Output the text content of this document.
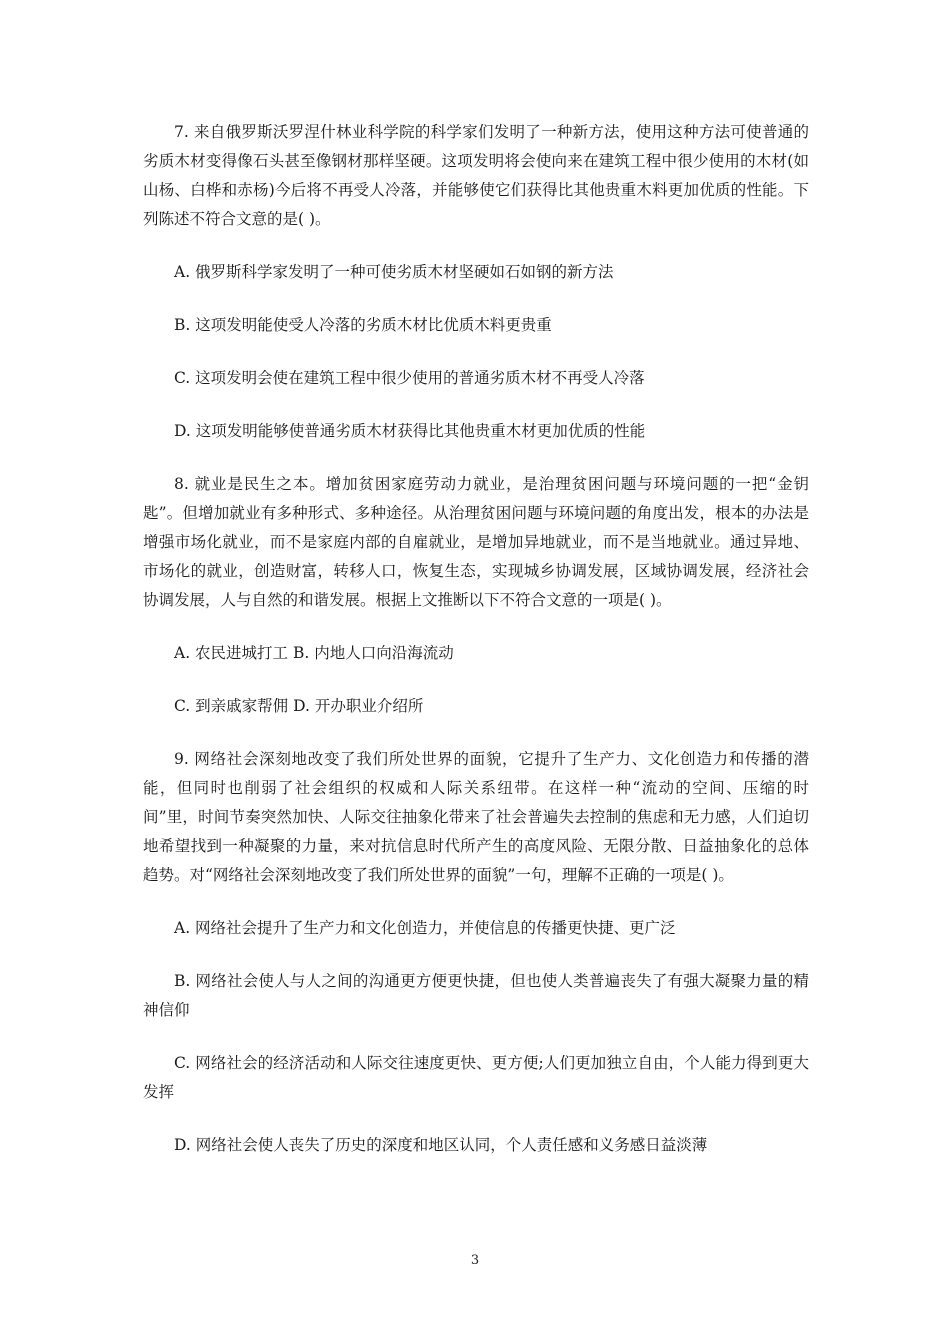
7. 来自俄罗斯沃罗涅什林业科学院的科学家们发明了一种新方法，使用这种方法可使普通的劣质木材变得像石头甚至像钢材那样坚硬。这项发明将会使向来在建筑工程中很少使用的木材(如山杨、白桦和赤杨)今后将不再受人冷落，并能够使它们获得比其他贵重木料更加优质的性能。下列陈述不符合文意的是( )。

A. 俄罗斯科学家发明了一种可使劣质木材坚硬如石如钢的新方法

B. 这项发明能使受人冷落的劣质木材比优质木料更贵重

C. 这项发明会使在建筑工程中很少使用的普通劣质木材不再受人冷落

D. 这项发明能够使普通劣质木材获得比其他贵重木材更加优质的性能

8. 就业是民生之本。增加贫困家庭劳动力就业，是治理贫困问题与环境问题的一把“金钥匙”。但增加就业有多种形式、多种途径。从治理贫困问题与环境问题的角度出发，根本的办法是增强市场化就业，而不是家庭内部的自雇就业，是增加异地就业，而不是当地就业。通过异地、市场化的就业，创造财富，转移人口，恢复生态，实现城乡协调发展，区域协调发展，经济社会协调发展，人与自然的和谐发展。根据上文推断以下不符合文意的一项是( )。

A. 农民进城打工 B. 内地人口向沿海流动

C. 到亲戚家帮佣 D. 开办职业介绍所

9. 网络社会深刻地改变了我们所处世界的面貌，它提升了生产力、文化创造力和传播的潜能，但同时也削弱了社会组织的权威和人际关系纽带。在这样一种“流动的空间、压缩的时间”里，时间节奏突然加快、人际交往抽象化带来了社会普遍失去控制的焦虑和无力感，人们迫切地希望找到一种凝聚的力量，来对抗信息时代所产生的高度风险、无限分散、日益抽象化的总体趋势。对“网络社会深刻地改变了我们所处世界的面貌”一句，理解不正确的一项是( )。

A. 网络社会提升了生产力和文化创造力，并使信息的传播更快捷、更广泛

B. 网络社会使人与人之间的沟通更方便更快捷，但也使人类普遍丧失了有强大凝聚力量的精神信仰

C. 网络社会的经济活动和人际交往速度更快、更方便;人们更加独立自由，个人能力得到更大发挥

D. 网络社会使人丧失了历史的深度和地区认同，个人责任感和义务感日益淡薄

3
